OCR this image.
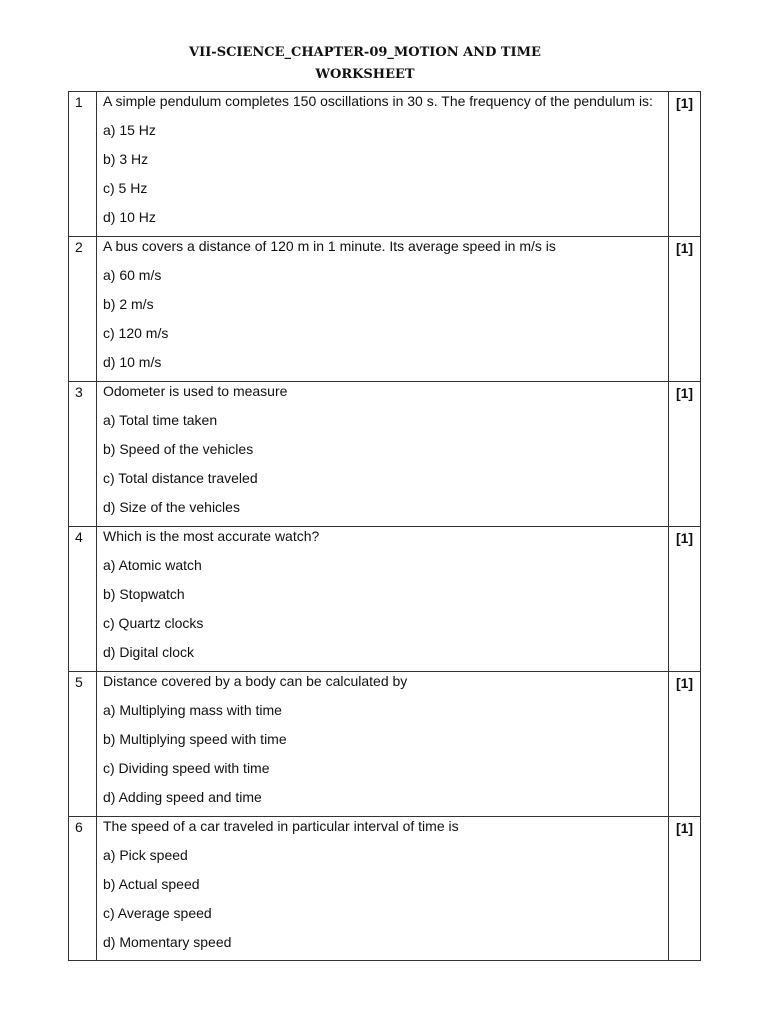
VII-SCIENCE_CHAPTER-09_MOTION AND TIME
WORKSHEET
1	A simple pendulum completes 150 oscillations in 30 s. The frequency of the pendulum is:
a) 15 Hz
b) 3 Hz
c) 5 Hz
d) 10 Hz	[1]

2	A bus covers a distance of 120 m in 1 minute. Its average speed in m/s is
a) 60 m/s
b) 2 m/s
c) 120 m/s
d) 10 m/s	[1]

3	Odometer is used to measure
a) Total time taken
b) Speed of the vehicles
c) Total distance traveled
d) Size of the vehicles	[1]

4	Which is the most accurate watch?
a) Atomic watch
b) Stopwatch
c) Quartz clocks
d) Digital clock	[1]

5	Distance covered by a body can be calculated by
a) Multiplying mass with time
b) Multiplying speed with time
c) Dividing speed with time
d) Adding speed and time	[1]

6	The speed of a car traveled in particular interval of time is
a) Pick speed
b) Actual speed
c) Average speed
d) Momentary speed	[1]
